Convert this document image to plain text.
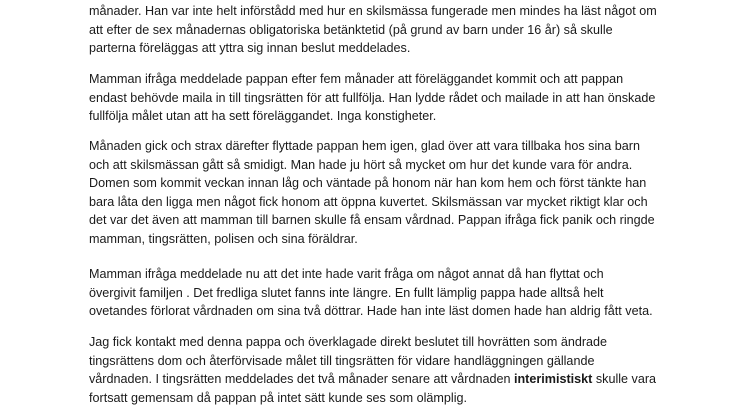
månader. Han var inte helt införstådd med hur en skilsmässa fungerade men mindes ha läst något om
att efter de sex månadernas obligatoriska betänktetid (på grund av barn under 16 år) så skulle
parterna föreläggas att yttra sig innan beslut meddelades.
Mamman ifråga meddelade pappan efter fem månader att föreläggandet kommit och att pappan
endast behövde maila in till tingsrätten för att fullfölja. Han lydde rådet och mailade in att han önskade
fullfölja målet utan att ha sett föreläggandet. Inga konstigheter.
Månaden gick och strax därefter flyttade pappan hem igen, glad över att vara tillbaka hos sina barn
och att skilsmässan gått så smidigt. Man hade ju hört så mycket om hur det kunde vara för andra.
Domen som kommit veckan innan låg och väntade på honom när han kom hem och först tänkte han
bara låta den ligga men något fick honom att öppna kuvertet. Skilsmässan var mycket riktigt klar och
det var det även att mamman till barnen skulle få ensam vårdnad. Pappan ifråga fick panik och ringde
mamman, tingsrätten, polisen och sina föräldrar.
Mamman ifråga meddelade nu att det inte hade varit fråga om något annat då han flyttat och
övergivit familjen . Det fredliga slutet fanns inte längre. En fullt lämplig pappa hade alltså helt
ovetandes förlorat vårdnaden om sina två döttrar. Hade han inte läst domen hade han aldrig fått veta.
Jag fick kontakt med denna pappa och överklagade direkt beslutet till hovrätten som ändrade
tingsrättens dom och återförvisade målet till tingsrätten för vidare handläggningen gällande
vårdnaden. I tingsrätten meddelades det två månader senare att vårdnaden interimistiskt skulle vara
fortsatt gemensam då pappan på intet sätt kunde ses som olämplig.
